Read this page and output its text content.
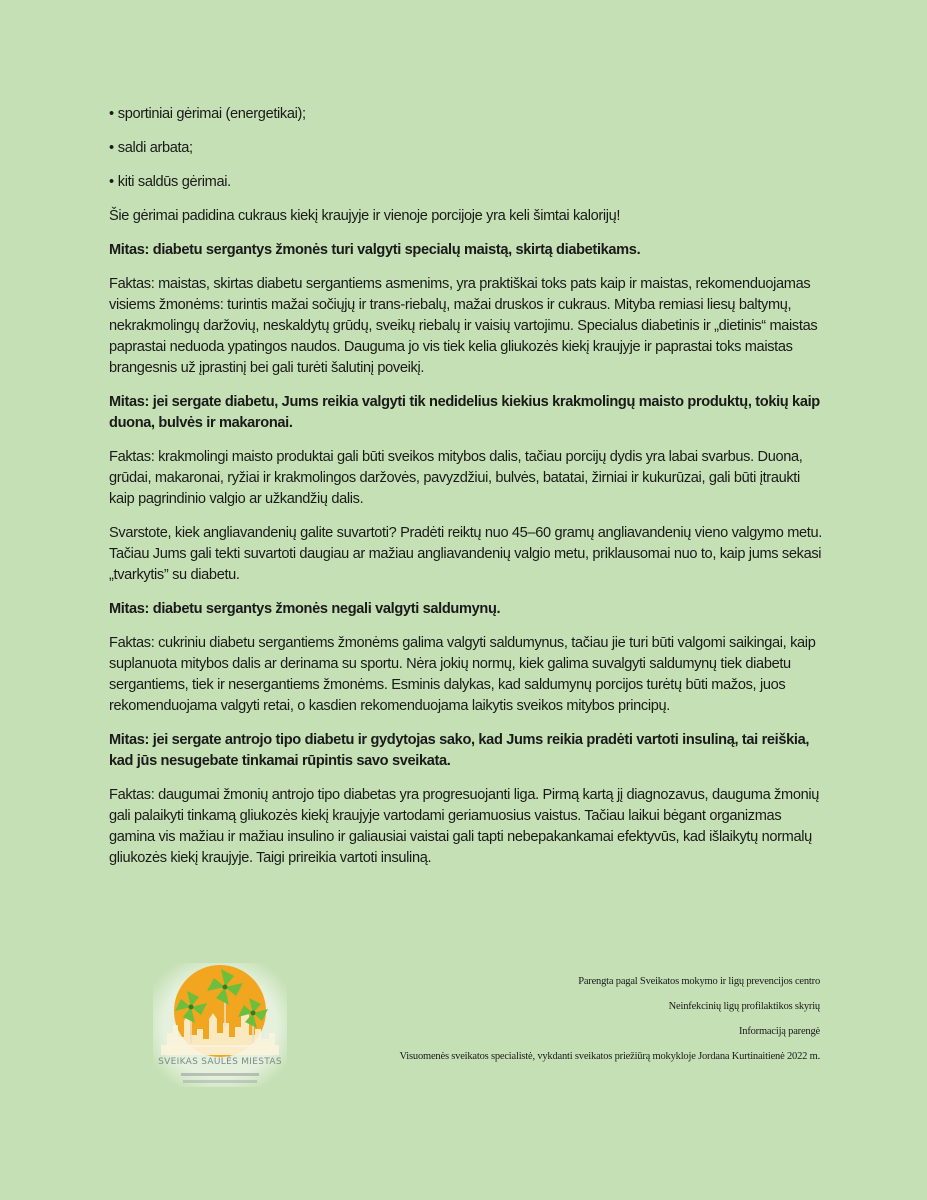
• sportiniai gėrimai (energetikai);

• saldi arbata;

• kiti saldūs gėrimai.

Šie gėrimai padidina cukraus kiekį kraujyje ir vienoje porcijoje yra keli šimtai kalorijų!

Mitas: diabetu sergantys žmonės turi valgyti specialų maistą, skirtą diabetikams.

Faktas: maistas, skirtas diabetu sergantiems asmenims, yra praktiškai toks pats kaip ir maistas, rekomenduojamas visiems žmonėms: turintis mažai sočiųjų ir trans-riebalų, mažai druskos ir cukraus. Mityba remiasi liesų baltymų, nekrakmolingų daržovių, neskaldytų grūdų, sveikų riebalų ir vaisių vartojimu. Specialus diabetinis ir „dietinis“ maistas paprastai neduoda ypatingos naudos. Dauguma jo vis tiek kelia gliukozės kiekį kraujyje ir paprastai toks maistas brangesnis už įprastinį bei gali turėti šalutinį poveikį.

Mitas: jei sergate diabetu, Jums reikia valgyti tik nedidelius kiekius krakmolingų maisto produktų, tokių kaip duona, bulvės ir makaronai.

Faktas: krakmolingi maisto produktai gali būti sveikos mitybos dalis, tačiau porcijų dydis yra labai svarbus. Duona, grūdai, makaronai, ryžiai ir krakmolingos daržovės, pavyzdžiui, bulvės, batatai, žirniai ir kukurūzai, gali būti įtraukti kaip pagrindinio valgio ar užkandžių dalis.

Svarstote, kiek angliavandenių galite suvartoti? Pradėti reiktų nuo 45–60 gramų angliavandenių vieno valgymo metu. Tačiau Jums gali tekti suvartoti daugiau ar mažiau angliavandenių valgio metu, priklausomai nuo to, kaip jums sekasi „tvarkytis” su diabetu.

Mitas: diabetu sergantys žmonės negali valgyti saldumynų.

Faktas: cukriniu diabetu sergantiems žmonėms galima valgyti saldumynus, tačiau jie turi būti valgomi saikingai, kaip suplanuota mitybos dalis ar derinama su sportu. Nėra jokių normų, kiek galima suvalgyti saldumynų tiek diabetu sergantiems, tiek ir nesergantiems žmonėms. Esminis dalykas, kad saldumynų porcijos turėtų būti mažos, juos rekomenduojama valgyti retai, o kasdien rekomenduojama laikytis sveikos mitybos principų.

Mitas: jei sergate antrojo tipo diabetu ir gydytojas sako, kad Jums reikia pradėti vartoti insuliną, tai reiškia, kad jūs nesugebate tinkamai rūpintis savo sveikata.

Faktas: daugumai žmonių antrojo tipo diabetas yra progresuojanti liga. Pirmą kartą jį diagnozavus, dauguma žmonių gali palaikyti tinkamą gliukozės kiekį kraujyje vartodami geriamuosius vaistus. Tačiau laikui bėgant organizmas gamina vis mažiau ir mažiau insulino ir galiausiai vaistai gali tapti nebepakankamai efektyvūs, kad išlaikytų normalų gliukozės kiekį kraujyje. Taigi prireikia vartoti insuliną.

SVEIKAS SAULĖS MIESTAS

Parengta pagal Sveikatos mokymo ir ligų prevencijos centro

Neinfekcinių ligų profilaktikos skyrių

Informaciją parengė

Visuomenės sveikatos specialistė, vykdanti sveikatos priežiūrą mokykloje Jordana Kurtinaitienė 2022 m.
